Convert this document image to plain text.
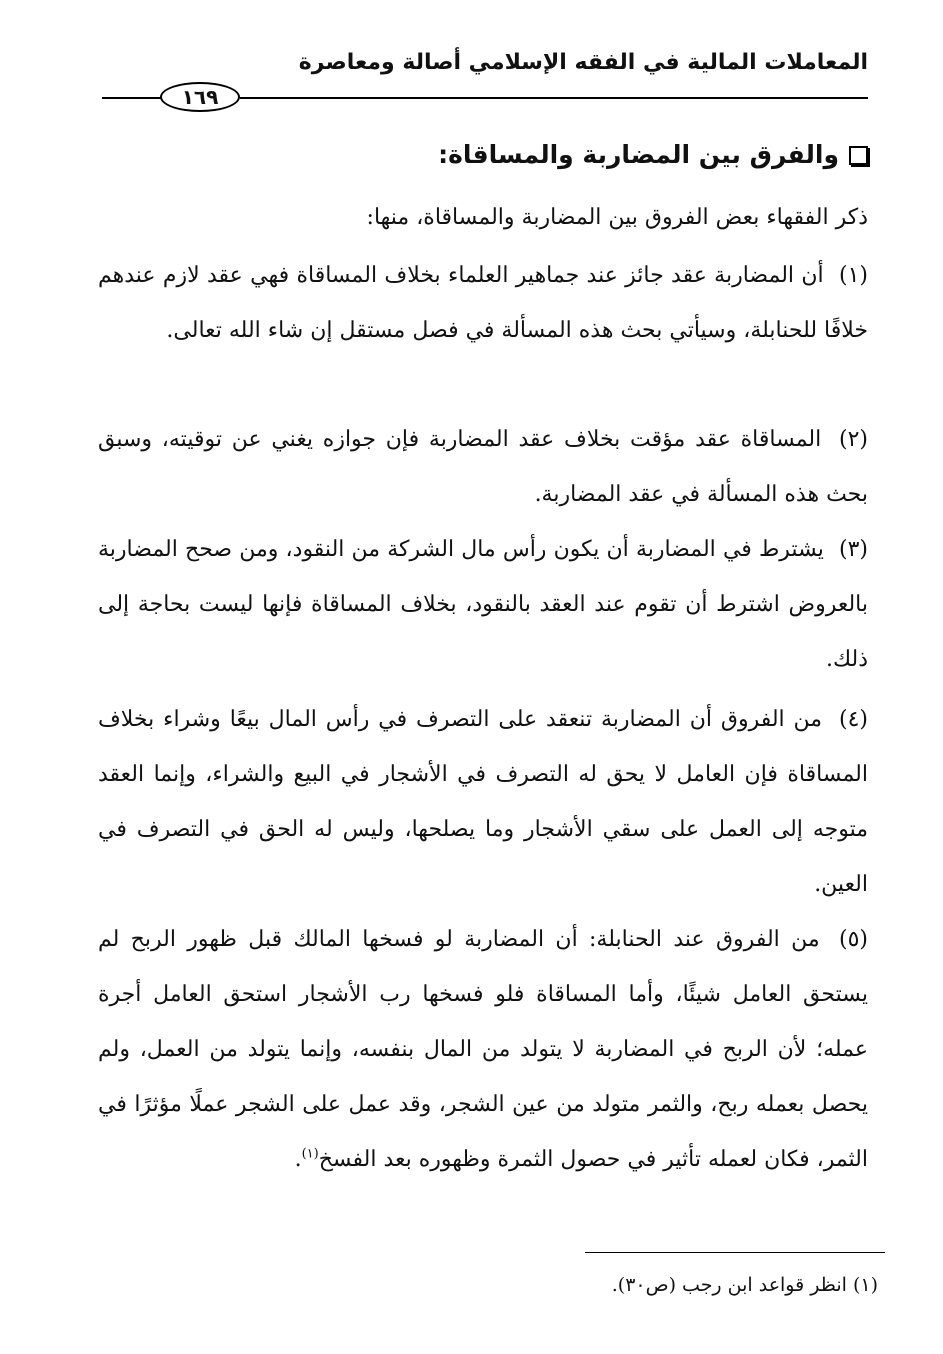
المعاملات المالية في الفقه الإسلامي أصالة ومعاصرة
١٦٩
والفرق بين المضاربة والمساقاة:
ذكر الفقهاء بعض الفروق بين المضاربة والمساقاة، منها:
(١) أن المضاربة عقد جائز عند جماهير العلماء بخلاف المساقاة فهي عقد لازم عندهم خلافًا للحنابلة، وسيأتي بحث هذه المسألة في فصل مستقل إن شاء الله تعالى.
(٢) المساقاة عقد مؤقت بخلاف عقد المضاربة فإن جوازه يغني عن توقيته، وسبق بحث هذه المسألة في عقد المضاربة.
(٣) يشترط في المضاربة أن يكون رأس مال الشركة من النقود، ومن صحح المضاربة بالعروض اشترط أن تقوم عند العقد بالنقود، بخلاف المساقاة فإنها ليست بحاجة إلى ذلك.
(٤) من الفروق أن المضاربة تنعقد على التصرف في رأس المال بيعًا وشراء بخلاف المساقاة فإن العامل لا يحق له التصرف في الأشجار في البيع والشراء، وإنما العقد متوجه إلى العمل على سقي الأشجار وما يصلحها، وليس له الحق في التصرف في العين.
(٥) من الفروق عند الحنابلة: أن المضاربة لو فسخها المالك قبل ظهور الربح لم يستحق العامل شيئًا، وأما المساقاة فلو فسخها رب الأشجار استحق العامل أجرة عمله؛ لأن الربح في المضاربة لا يتولد من المال بنفسه، وإنما يتولد من العمل، ولم يحصل بعمله ربح، والثمر متولد من عين الشجر، وقد عمل على الشجر عملًا مؤثرًا في الثمر، فكان لعمله تأثير في حصول الثمرة وظهوره بعد الفسخ$^{(١)}$.
(١) انظر قواعد ابن رجب (ص٣٠).
